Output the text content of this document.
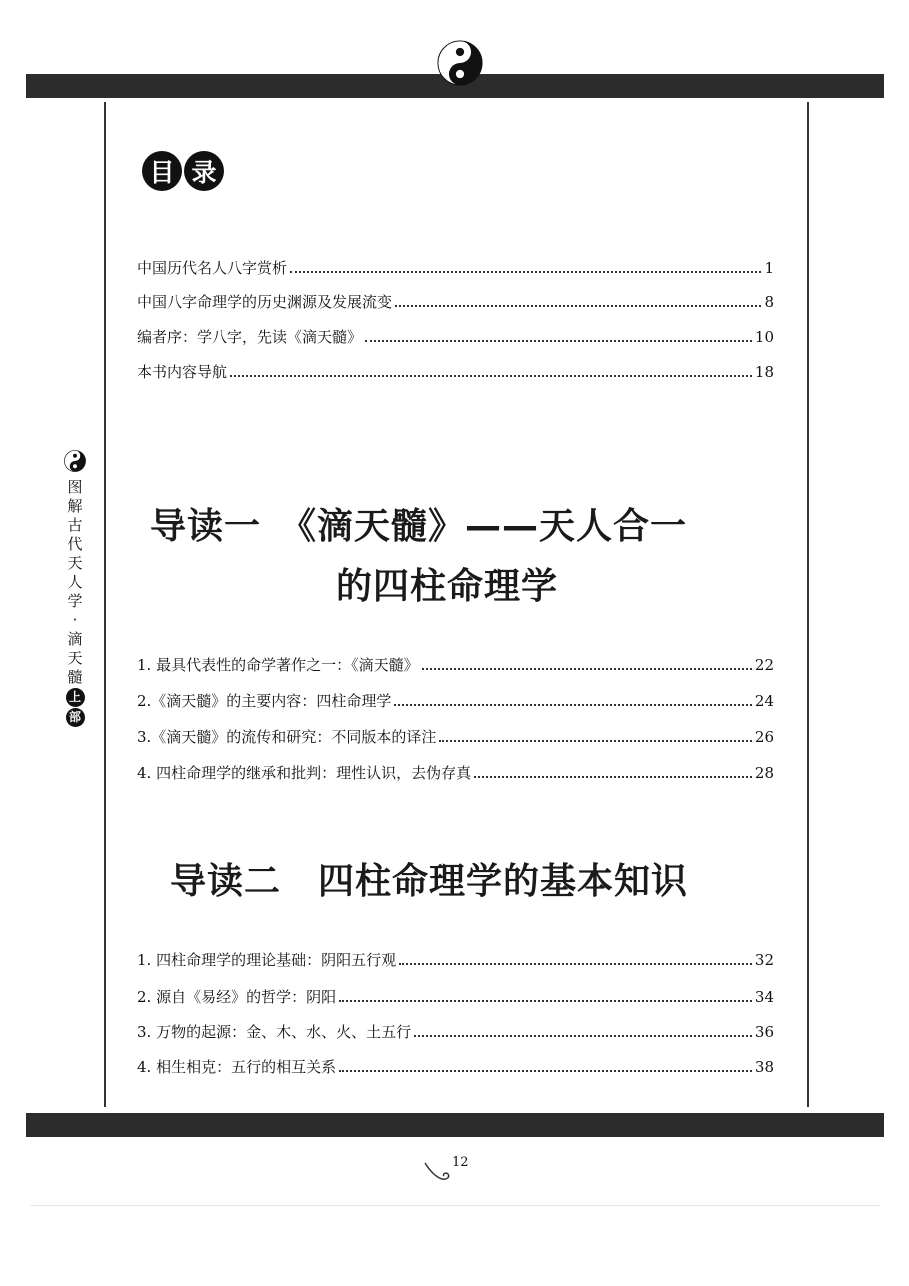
目 录
中国历代名人八字赏析	1
中国八字命理学的历史渊源及发展流变	8
编者序：学八字，先读《滴天髓》	10
本书内容导航	18
导读一　《滴天髓》——天人合一
的四柱命理学
1. 最具代表性的命学著作之一：《滴天髓》	22
2.《滴天髓》的主要内容：四柱命理学	24
3.《滴天髓》的流传和研究：不同版本的译注	26
4. 四柱命理学的继承和批判：理性认识，去伪存真	28
导读二　四柱命理学的基本知识
1. 四柱命理学的理论基础：阴阳五行观	32
2. 源自《易经》的哲学：阴阳	34
3. 万物的起源：金、木、水、火、土五行	36
4. 相生相克：五行的相互关系	38
图
解
古
代
天
人
学
·
滴
天
髓
上
部
12
